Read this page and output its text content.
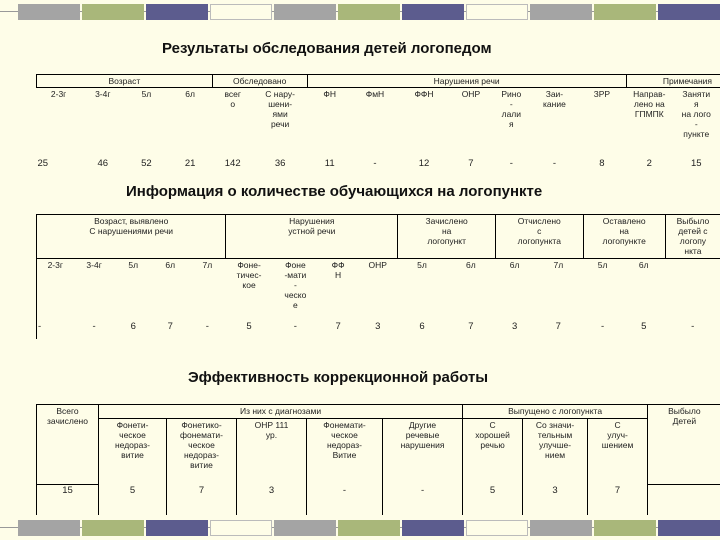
Результаты обследования детей логопедом
Возраст				Обследовано		Нарушения речи							Примечания	
2-3г	3-4г	5л	6л	всег
о	С нару-
шени-
ями
речи	ФН	ФмН	ФФН	ОНР	Рино
-
лали
я	Заи-
кание	ЗРР	Направ-
лено на
ГПМПК	Заняти
я
на лого
-
пункте
25	46	52	21	142	36	11	-	12	7	-	-	8	2	15
Информация о количестве обучающихся на логопункте
Возраст, выявлено
С нарушениями речи					Нарушения
устной речи				Зачислено
на
логопункт		Отчислено
с
логопункта		Оставлено
на
логопункте		Выбыло
детей с
логопу
нкта
2-3г	3-4г	5л	6л	7л	Фоне-
тичес-
кое	Фоне
-мати
-
ческо
е	ФФ
Н	ОНР	5л	6л	6л	7л	5л	6л	
-	-	6	7	-	5	-	7	3	6	7	3	7	-	5	-
Эффективность коррекционной работы
Всего
зачислено	Из них с диагнозами					Выпущено с логопункта			Выбыло
Детей
	Фонети-
ческое
недораз-
витие	Фонетико-
фонемати-
ческое
недораз-
витие	ОНР 111
ур.	Фонемати-
ческое
недораз-
Витие	Другие
речевые
нарушения	С
хорошей
речью	Со значи-
тельным
улучше-
нием	С
улуч-
шением	
15	5	7	3	-	-	5	3	7	
